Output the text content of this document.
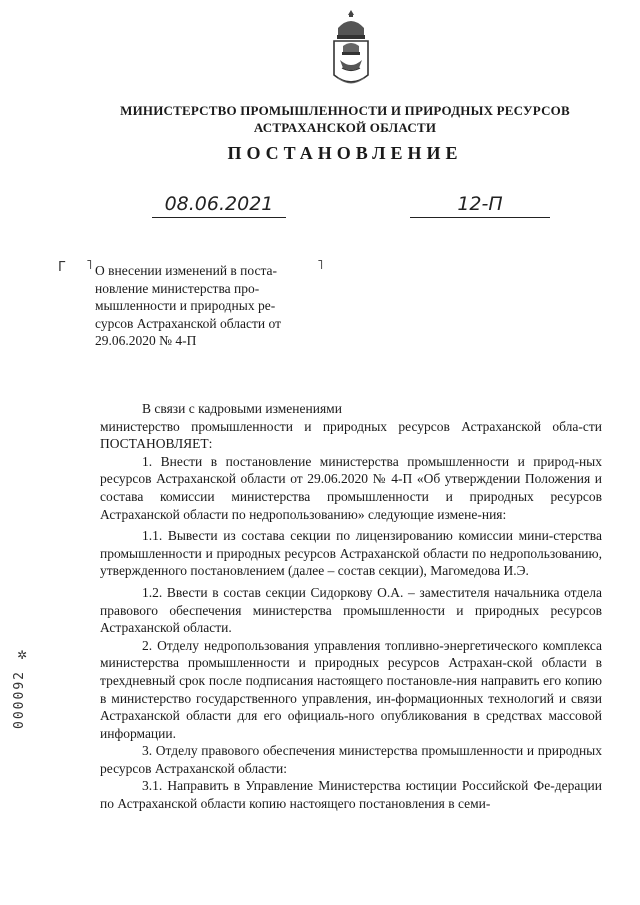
МИНИСТЕРСТВО ПРОМЫШЛЕННОСТИ И ПРИРОДНЫХ РЕСУРСОВ
АСТРАХАНСКОЙ ОБЛАСТИ
ПОСТАНОВЛЕНИЕ
08.06.2021	12-П
Γ ˥	˥
О внесении изменений в поста-
новление министерства про-
мышленности и природных ре-
сурсов Астраханской области от
29.06.2020 № 4-П

В связи с кадровыми изменениями

министерство промышленности и природных ресурсов Астраханской обла-сти ПОСТАНОВЛЯЕТ:

1. Внести в постановление министерства промышленности и природ-ных ресурсов Астраханской области от 29.06.2020 № 4-П «Об утверждении Положения и состава комиссии министерства промышленности и природных ресурсов Астраханской области по недропользованию» следующие измене-ния:

1.1. Вывести из состава секции по лицензированию комиссии мини-стерства промышленности и природных ресурсов Астраханской области по недропользованию, утвержденного постановлением (далее – состав секции), Магомедова И.Э.

1.2. Ввести в состав секции Сидоркову О.А. – заместителя начальника отдела правового обеспечения министерства промышленности и природных ресурсов Астраханской области.

2. Отделу недропользования управления топливно-энергетического комплекса министерства промышленности и природных ресурсов Астрахан-ской области в трехдневный срок после подписания настоящего постановле-ния направить его копию в министерство государственного управления, ин-формационных технологий и связи Астраханской области для его официаль-ного опубликования в средствах массовой информации.

3. Отделу правового обеспечения министерства промышленности и природных ресурсов Астраханской области:

3.1. Направить в Управление Министерства юстиции Российской Фе-дерации по Астраханской области копию настоящего постановления в семи-

✲
000092
